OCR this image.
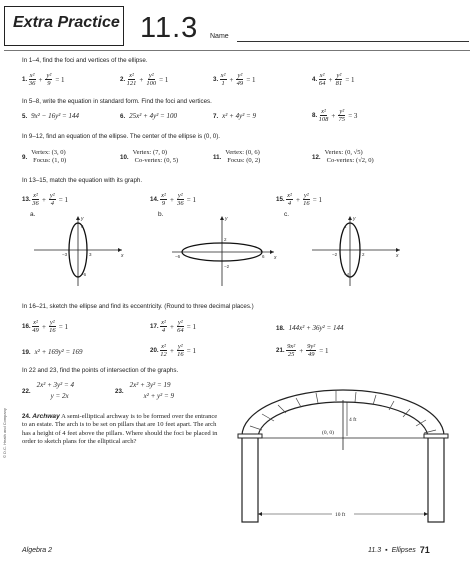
Extra Practice 11.3 Name
In 1–4, find the foci and vertices of the ellipse.
In 5–8, write the equation in standard form. Find the foci and vertices.
In 9–12, find an equation of the ellipse. The center of the ellipse is (0, 0).
In 13–15, match the equation with its graph.
6
−6
−3	3	x
y
2
−2
−6	6 x
y
4
−4
−2	2	x
y
In 16–21, sketch the ellipse and find its eccentricity. (Round to three decimal places.)
In 22 and 23, find the points of intersection of the graphs.
24. Archway A semi-elliptical archway is to be formed over the entrance to an estate. The arch is to be set on pillars that are 10 feet apart. The arch has a height of 4 feet above the pillars. Where should the foci be placed in order to sketch plans for the elliptical arch?
4 ft
(0, 0)
10 ft
© D.C. Heath and Company
Algebra 2	11.3 ▪ Ellipses 71
1. $\frac{\text{x²}}{36} + \frac{\text{y²}}{9} = 1$	2. $\frac{\text{x²}}{121} + \frac{\text{y²}}{100} = 1$	3. $\frac{\text{x²}}{1} + \frac{\text{y²}}{49} = 1$	4. $\frac{\text{x²}}{64} + \frac{\text{y²}}{81} = 1$
5. 9x² − 16y² = 144	6. 25x² + 4y² = 100	7. x² + 4y² = 9	8. $\frac{\text{x²}}{108} + \frac{\text{y²}}{75} = 3$
9.
Vertex: (3, 0)
Focus: (1, 0)	10.
Vertex: (7, 0)
Co-vertex: (0, 5)	11.
Vertex: (0, 6)
Focus: (0, 2)	12.
Vertex: (0, √5)
Co-vertex: (√2, 0)
13. $\frac{\text{x²}}{36} + \frac{\text{y²}}{4} = 1$
a.
14. $\frac{\text{x²}}{9} + \frac{\text{y²}}{36} = 1$
b.
15. $\frac{\text{x²}}{4} + \frac{\text{y²}}{16} = 1$
c.
16. $\frac{\text{x²}}{49} + \frac{\text{y²}}{16} = 1$	17. $\frac{\text{x²}}{4} + \frac{\text{y²}}{64} = 1$	18. 144x² + 36y² = 144
19. x² + 169y² = 169	20. $\frac{\text{x²}}{12} + \frac{\text{y²}}{16} = 1$	21. $\frac{\text{9x²}}{25} + \frac{\text{9y²}}{49} = 1$
22.
2x² + 3y² = 4
y = 2x
23.
2x² + 3y² = 19
x² + y² = 9
